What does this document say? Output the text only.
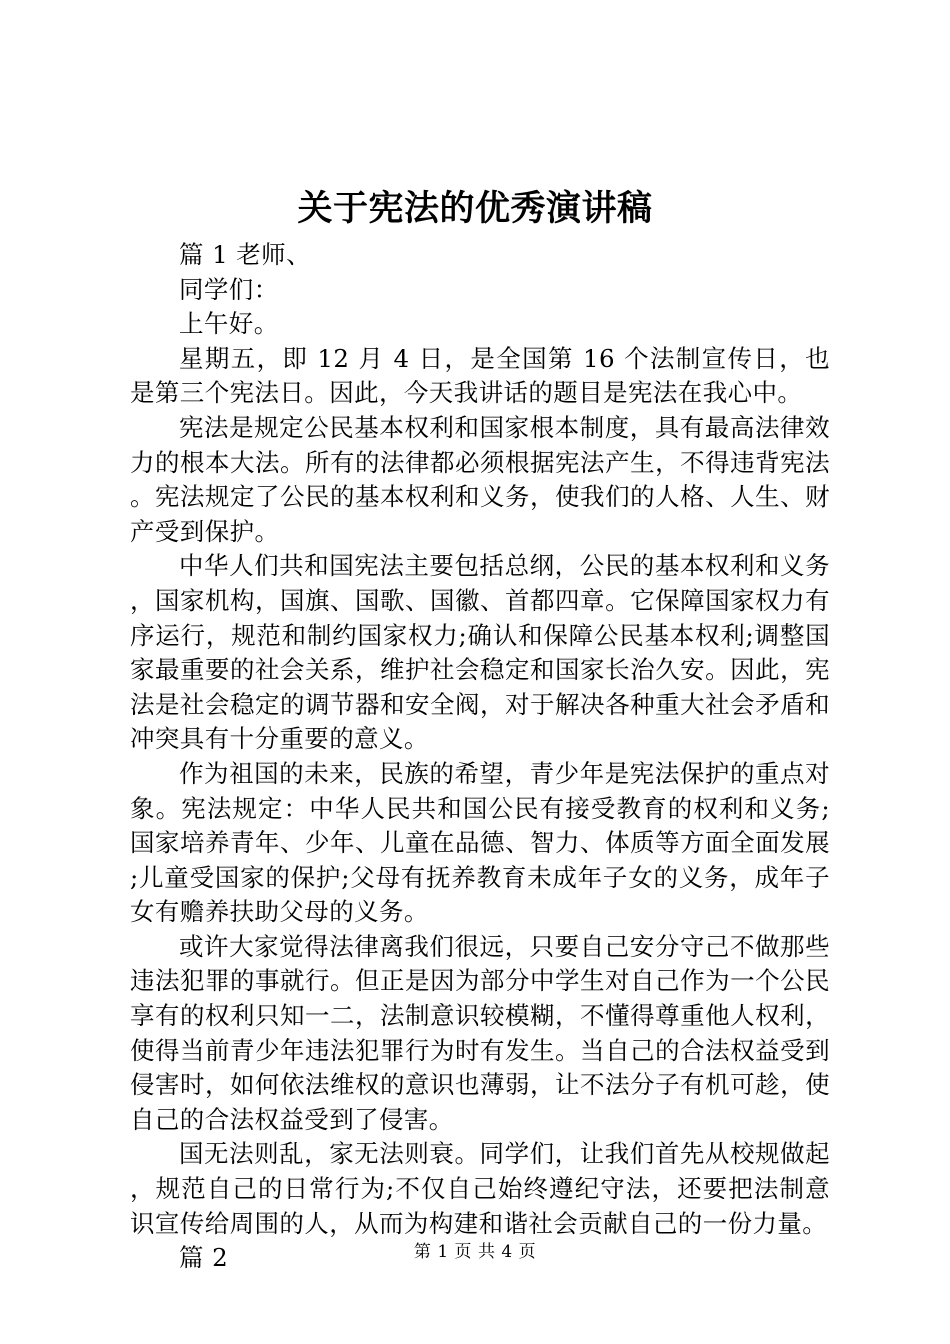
关于宪法的优秀演讲稿

篇 1 老师、

同学们：

上午好。

星期五，即 12 月 4 日，是全国第 16 个法制宣传日，也是第三个宪法日。因此，今天我讲话的题目是宪法在我心中。

宪法是规定公民基本权利和国家根本制度，具有最高法律效力的根本大法。所有的法律都必须根据宪法产生，不得违背宪法。宪法规定了公民的基本权利和义务，使我们的人格、人生、财产受到保护。

中华人们共和国宪法主要包括总纲，公民的基本权利和义务，国家机构，国旗、国歌、国徽、首都四章。它保障国家权力有序运行，规范和制约国家权力;确认和保障公民基本权利;调整国家最重要的社会关系，维护社会稳定和国家长治久安。因此，宪法是社会稳定的调节器和安全阀，对于解决各种重大社会矛盾和冲突具有十分重要的意义。

作为祖国的未来，民族的希望，青少年是宪法保护的重点对象。宪法规定：中华人民共和国公民有接受教育的权利和义务;国家培养青年、少年、儿童在品德、智力、体质等方面全面发展;儿童受国家的保护;父母有抚养教育未成年子女的义务，成年子女有赡养扶助父母的义务。

或许大家觉得法律离我们很远，只要自己安分守己不做那些违法犯罪的事就行。但正是因为部分中学生对自己作为一个公民享有的权利只知一二，法制意识较模糊，不懂得尊重他人权利，使得当前青少年违法犯罪行为时有发生。当自己的合法权益受到侵害时，如何依法维权的意识也薄弱，让不法分子有机可趁，使自己的合法权益受到了侵害。

国无法则乱，家无法则衰。同学们，让我们首先从校规做起，规范自己的日常行为;不仅自己始终遵纪守法，还要把法制意识宣传给周围的人，从而为构建和谐社会贡献自己的一份力量。

篇 2	第 1 页 共 4 页
